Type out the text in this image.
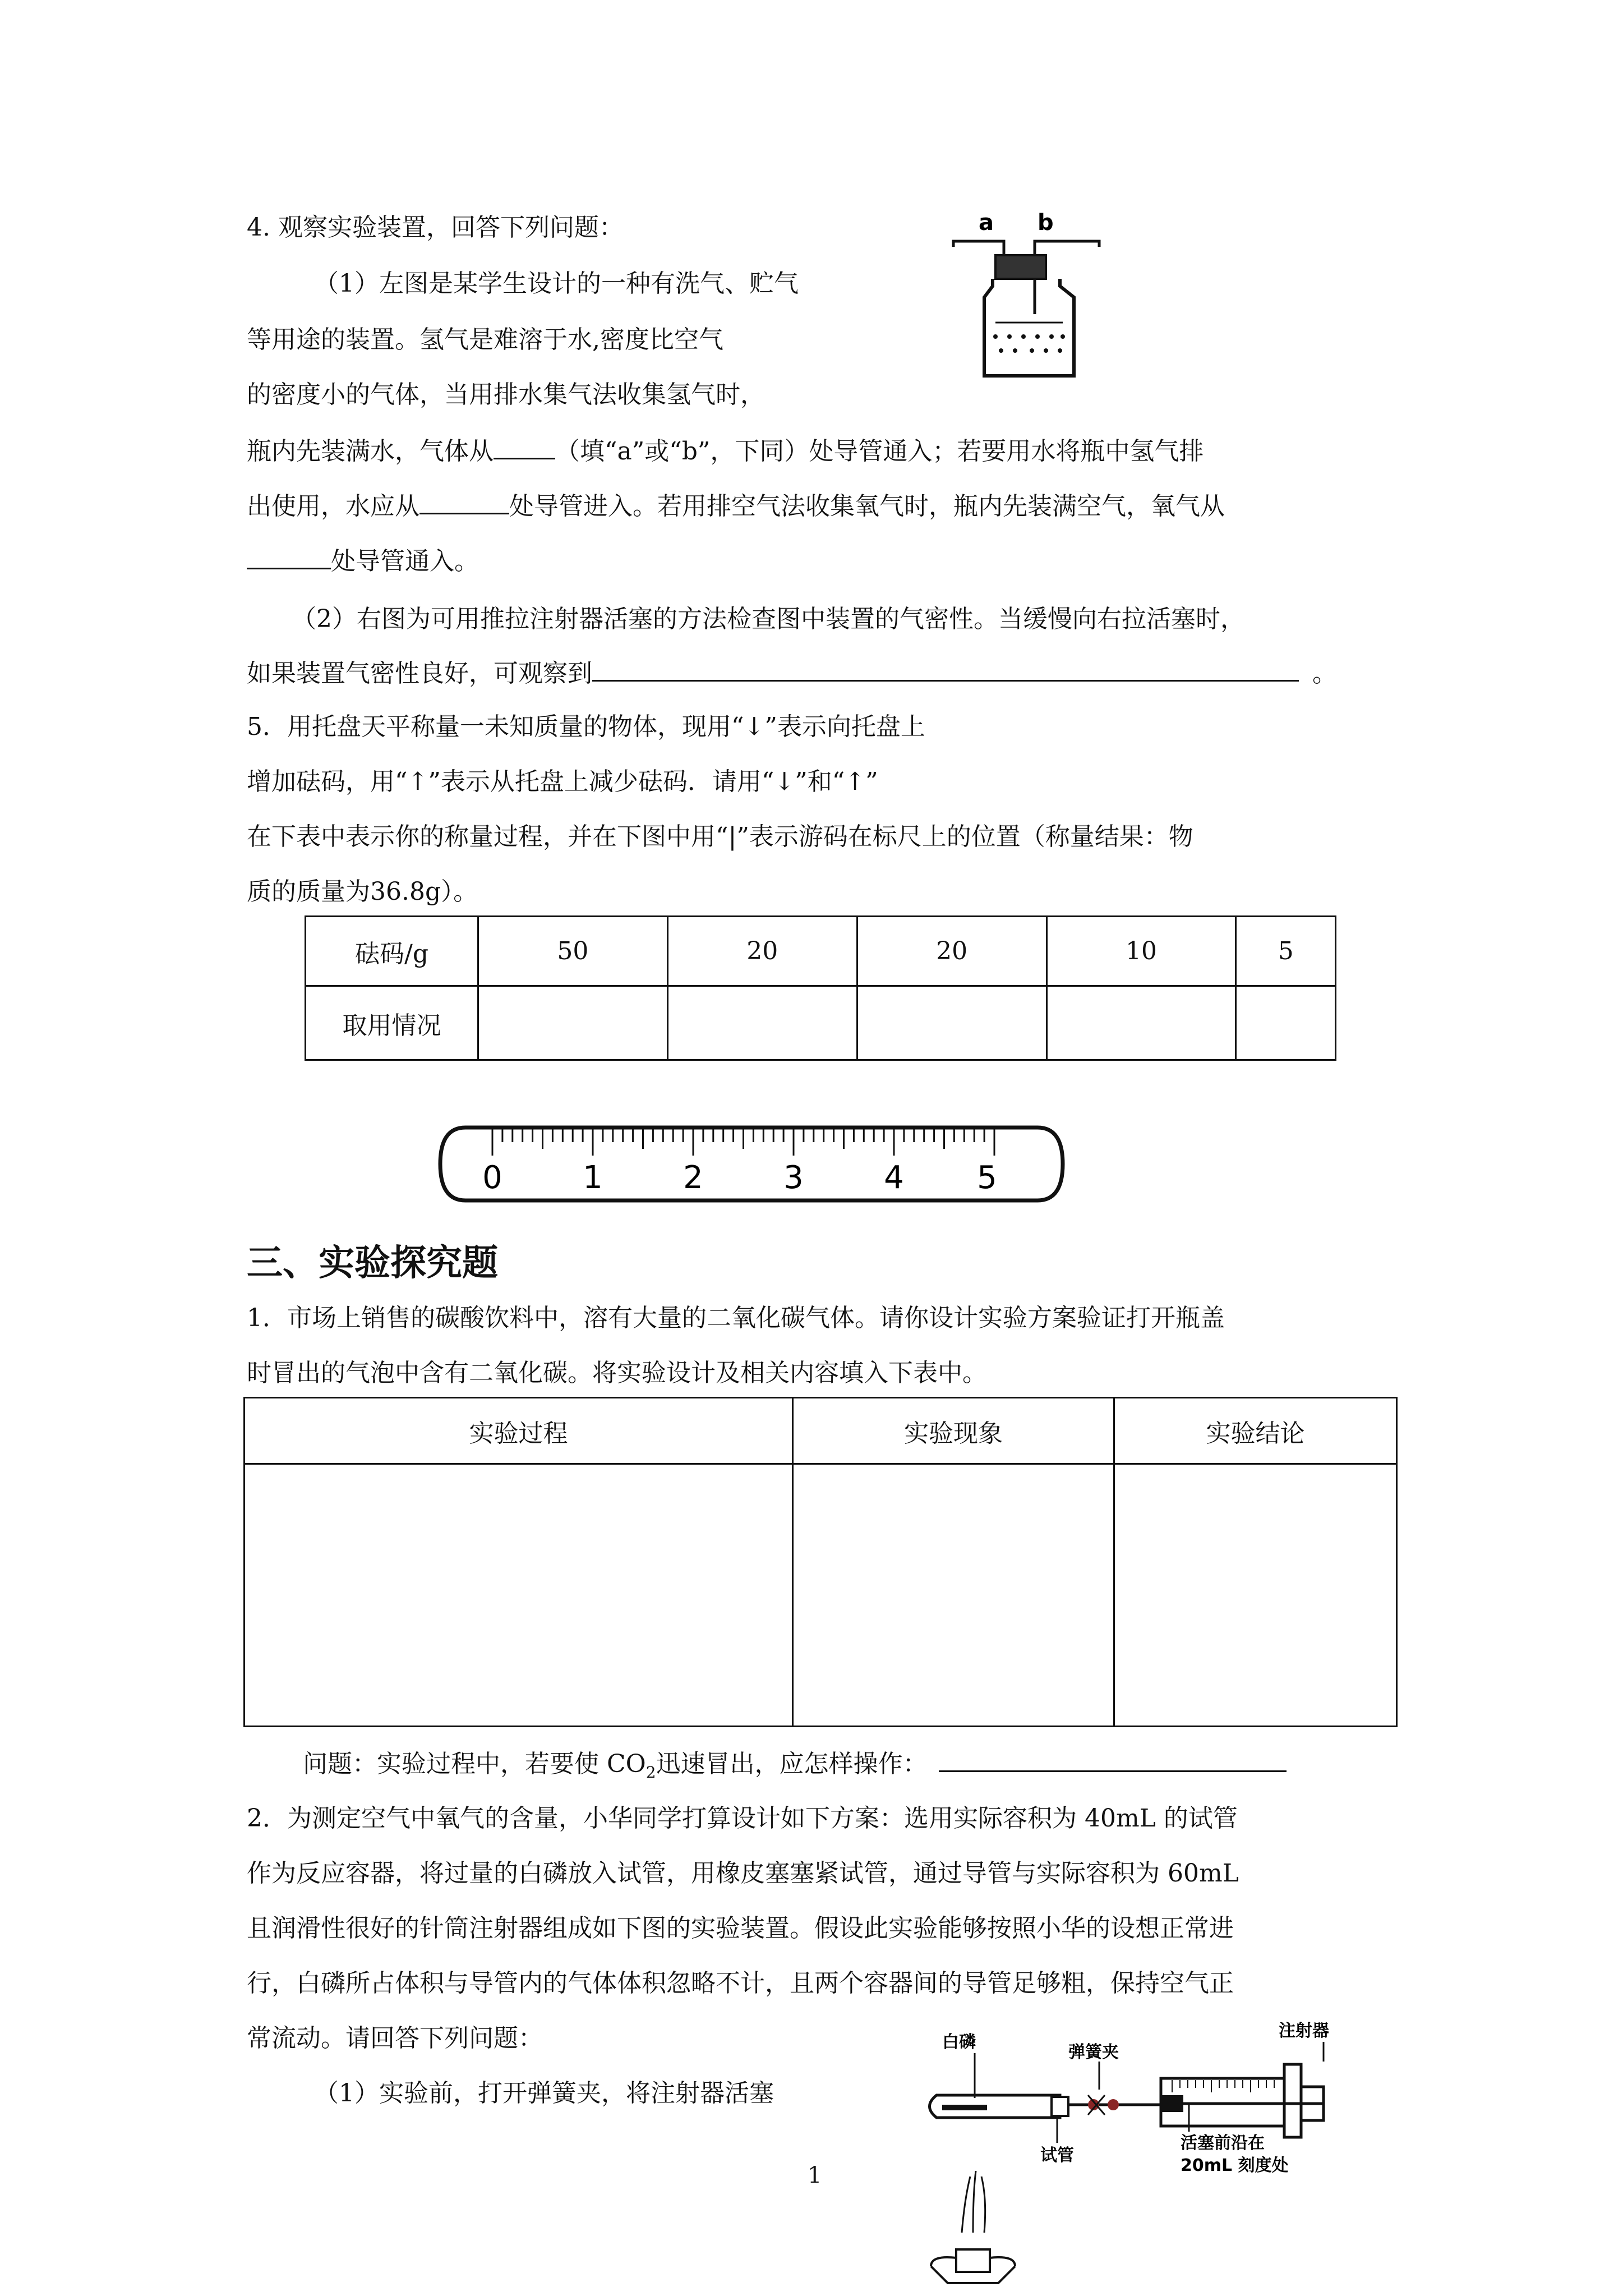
4. 观察实验装置，回答下列问题：
（1）左图是某学生设计的一种有洗气、贮气
等用途的装置。氢气是难溶于水,密度比空气
的密度小的气体，当用排水集气法收集氢气时，
瓶内先装满水，气体从	（填“a”或“b”，下同）处导管通入；若要用水将瓶中氢气排
出使用，水应从	处导管进入。若用排空气法收集氧气时，瓶内先装满空气，氧气从
处导管通入。
（2）右图为可用推拉注射器活塞的方法检查图中装置的气密性。当缓慢向右拉活塞时，
如果装置气密性良好，可观察到	。
a b
5．用托盘天平称量一未知质量的物体，现用“↓”表示向托盘上
增加砝码，用“↑”表示从托盘上减少砝码．请用“↓”和“↑”
在下表中表示你的称量过程，并在下图中用“|”表示游码在标尺上的位置（称量结果：物
质的质量为36.8g）。
砝码/g	50	20	20	10	5
取用情况					
0	1	2	3	4 5
三、实验探究题
1．市场上销售的碳酸饮料中，溶有大量的二氧化碳气体。请你设计实验方案验证打开瓶盖
时冒出的气泡中含有二氧化碳。将实验设计及相关内容填入下表中。
实验过程	实验现象	实验结论

问题：实验过程中，若要使 $CO_2$迅速冒出，应怎样操作：
2．为测定空气中氧气的含量，小华同学打算设计如下方案：选用实际容积为 40mL 的试管
作为反应容器，将过量的白磷放入试管，用橡皮塞塞紧试管，通过导管与实际容积为 60mL
且润滑性很好的针筒注射器组成如下图的实验装置。假设此实验能够按照小华的设想正常进
行，白磷所占体积与导管内的气体体积忽略不计，且两个容器间的导管足够粗，保持空气正
常流动。请回答下列问题：
（1）实验前，打开弹簧夹，将注射器活塞
白磷
弹簧夹
注射器
试管
活塞前沿在
20mL 刻度处
1
